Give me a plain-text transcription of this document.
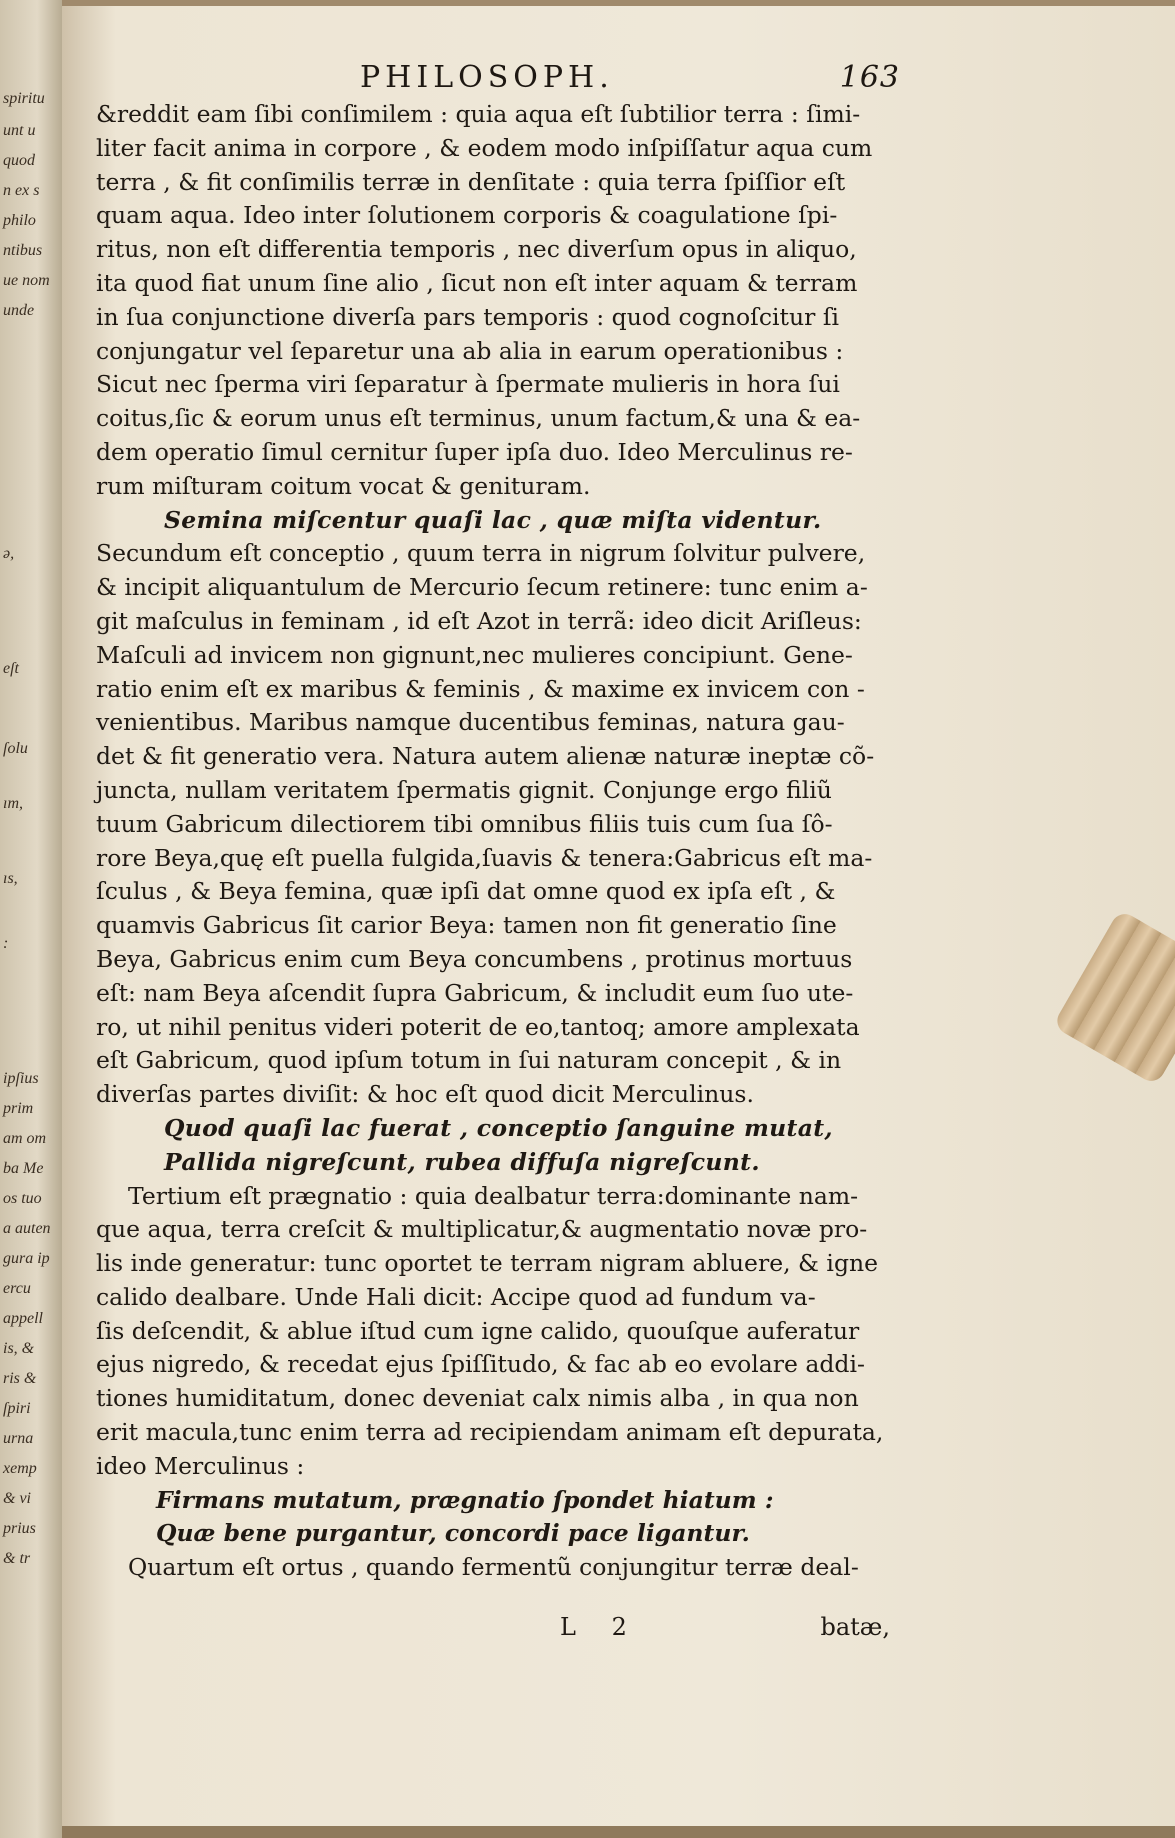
spiritu
unt u
quod
n ex s
philo
ntibus
ue nom
unde
ǝ,
eſt
ſolu
ım,
ıs,
:
ipſius
prim
am om
ba Me
os tuo
a auten
gura ip
ercu
appell
is, &
ris &
ſpiri
urna
xemp
& vi
prius
& tr
PHILOSOPH.	163
&reddit eam ſibi conſimilem : quia aqua eſt ſubtilior terra : ſimi-
liter facit anima in corpore , & eodem modo inſpiſſatur aqua cum
terra , & fit conſimilis terræ in denſitate : quia terra ſpiſſior eſt
quam aqua. Ideo inter ſolutionem corporis & coagulatione ſpi-
ritus, non eſt differentia temporis , nec diverſum opus in aliquo,
ita quod fiat unum ſine alio , ſicut non eſt inter aquam & terram
in ſua conjunctione diverſa pars temporis : quod cognoſcitur ſi
conjungatur vel ſeparetur una ab alia in earum operationibus :
Sicut nec ſperma viri ſeparatur à ſpermate mulieris in hora ſui
coitus,ſic & eorum unus eſt terminus, unum factum,& una & ea-
dem operatio ſimul cernitur ſuper ipſa duo. Ideo Merculinus re-
rum miſturam coitum vocat & genituram.
Semina miſcentur quaſi lac , quæ miſta videntur.
Secundum eſt conceptio , quum terra in nigrum ſolvitur pulvere,
& incipit aliquantulum de Mercurio ſecum retinere: tunc enim a-
git maſculus in feminam , id eſt Azot in terrã: ideo dicit Ariſleus:
Maſculi ad invicem non gignunt,nec mulieres concipiunt. Gene-
ratio enim eſt ex maribus & feminis , & maxime ex invicem con -
venientibus. Maribus namque ducentibus feminas, natura gau-
det & fit generatio vera. Natura autem alienæ naturæ ineptæ cõ-
juncta, nullam veritatem ſpermatis gignit. Conjunge ergo filiũ
tuum Gabricum dilectiorem tibi omnibus filiis tuis cum ſua ſô-
rore Beya,quę eſt puella fulgida,ſuavis & tenera:Gabricus eſt ma-
ſculus , & Beya femina, quæ ipſi dat omne quod ex ipſa eſt , &
quamvis Gabricus ſit carior Beya: tamen non fit generatio ſine
Beya, Gabricus enim cum Beya concumbens , protinus mortuus
eſt: nam Beya aſcendit ſupra Gabricum, & includit eum ſuo ute-
ro, ut nihil penitus videri poterit de eo,tantoq; amore amplexata
eſt Gabricum, quod ipſum totum in ſui naturam concepit , & in
diverſas partes diviſit: & hoc eſt quod dicit Merculinus.
Quod quaſi lac fuerat , conceptio ſanguine mutat,
Pallida nigreſcunt, rubea diffuſa nigreſcunt.
Tertium eſt prægnatio : quia dealbatur terra:dominante nam-
que aqua, terra creſcit & multiplicatur,& augmentatio novæ pro-
lis inde generatur: tunc oportet te terram nigram abluere, & igne
calido dealbare. Unde Hali dicit: Accipe quod ad fundum va-
ſis deſcendit, & ablue iſtud cum igne calido, quouſque auferatur
ejus nigredo, & recedat ejus ſpiſſitudo, & fac ab eo evolare addi-
tiones humiditatum, donec deveniat calx nimis alba , in qua non
erit macula,tunc enim terra ad recipiendam animam eſt depurata,
ideo Merculinus :
Firmans mutatum, prægnatio ſpondet hiatum :
Quæ bene purgantur, concordi pace ligantur.
Quartum eſt ortus , quando fermentũ conjungitur terræ deal-
L 2	batæ,
